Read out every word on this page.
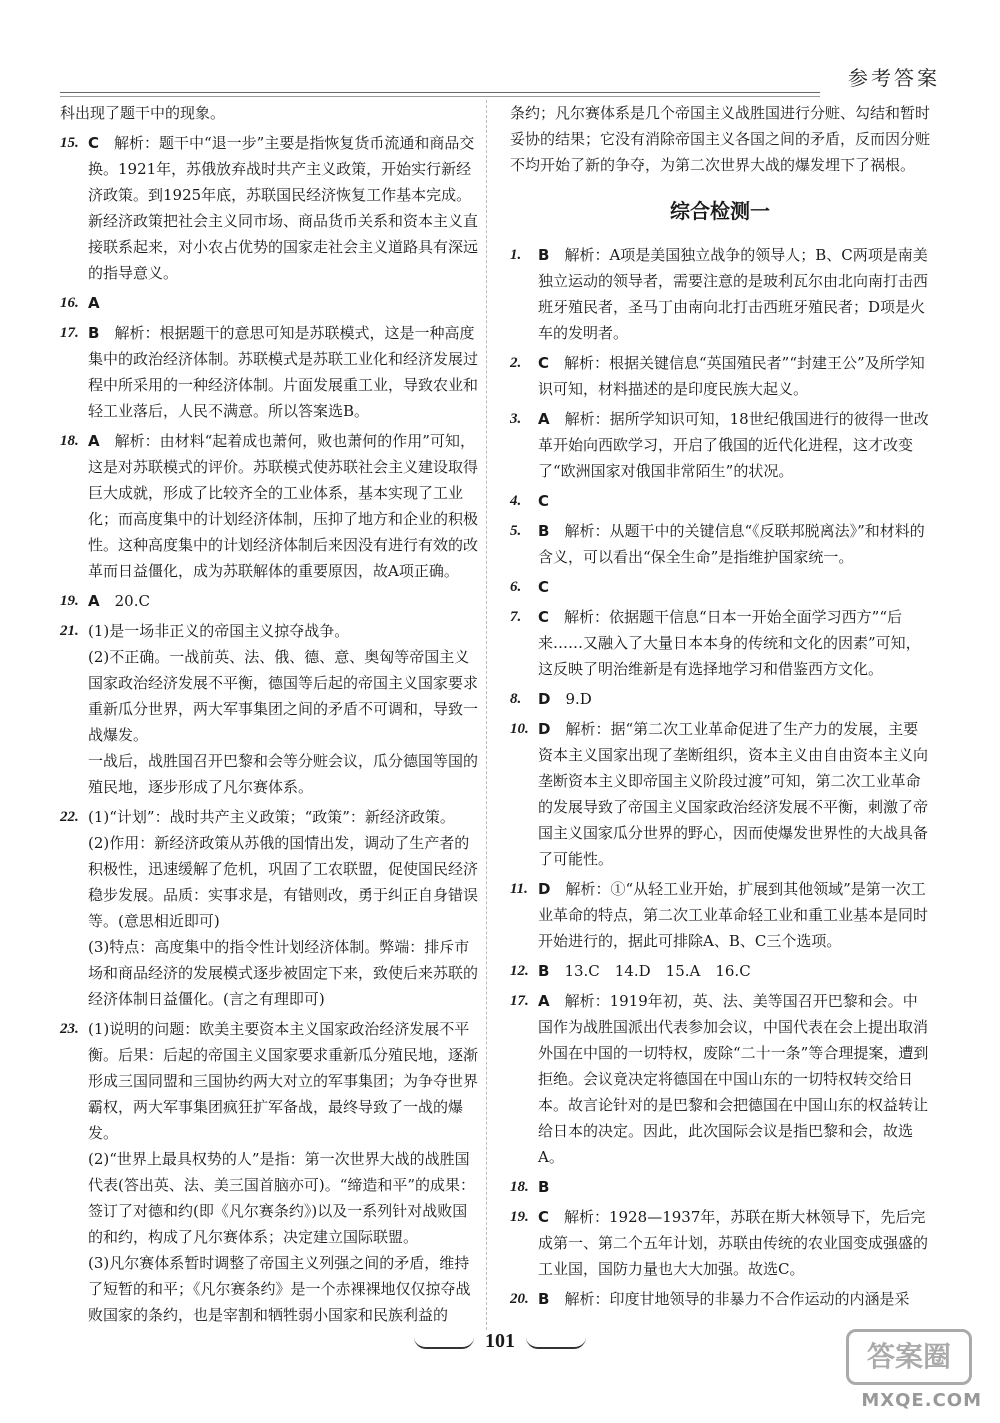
参考答案

科出现了题干中的现象。

15. C　解析：题干中“退一步”主要是指恢复货币流通和商品交换。1921年，苏俄放弃战时共产主义政策，开始实行新经济政策。到1925年底，苏联国民经济恢复工作基本完成。新经济政策把社会主义同市场、商品货币关系和资本主义直接联系起来，对小农占优势的国家走社会主义道路具有深远的指导意义。

16. A　

17. B　解析：根据题干的意思可知是苏联模式，这是一种高度集中的政治经济体制。苏联模式是苏联工业化和经济发展过程中所采用的一种经济体制。片面发展重工业，导致农业和轻工业落后，人民不满意。所以答案选B。

18. A　解析：由材料“起着成也萧何，败也萧何的作用”可知，这是对苏联模式的评价。苏联模式使苏联社会主义建设取得巨大成就，形成了比较齐全的工业体系，基本实现了工业化；而高度集中的计划经济体制，压抑了地方和企业的积极性。这种高度集中的计划经济体制后来因没有进行有效的改革而日益僵化，成为苏联解体的重要原因，故A项正确。

19. A　20.C

21. (1)是一场非正义的帝国主义掠夺战争。

(2)不正确。一战前英、法、俄、德、意、奥匈等帝国主义国家政治经济发展不平衡，德国等后起的帝国主义国家要求重新瓜分世界，两大军事集团之间的矛盾不可调和，导致一战爆发。

一战后，战胜国召开巴黎和会等分赃会议，瓜分德国等国的殖民地，逐步形成了凡尔赛体系。

22. (1)“计划”：战时共产主义政策；“政策”：新经济政策。

(2)作用：新经济政策从苏俄的国情出发，调动了生产者的积极性，迅速缓解了危机，巩固了工农联盟，促使国民经济稳步发展。品质：实事求是，有错则改，勇于纠正自身错误等。(意思相近即可)

(3)特点：高度集中的指令性计划经济体制。弊端：排斥市场和商品经济的发展模式逐步被固定下来，致使后来苏联的经济体制日益僵化。(言之有理即可)

23. (1)说明的问题：欧美主要资本主义国家政治经济发展不平衡。后果：后起的帝国主义国家要求重新瓜分殖民地，逐渐形成三国同盟和三国协约两大对立的军事集团；为争夺世界霸权，两大军事集团疯狂扩军备战，最终导致了一战的爆发。

(2)“世界上最具权势的人”是指：第一次世界大战的战胜国代表(答出英、法、美三国首脑亦可)。“缔造和平”的成果：签订了对德和约(即《凡尔赛条约》)以及一系列针对战败国的和约，构成了凡尔赛体系；决定建立国际联盟。

(3)凡尔赛体系暂时调整了帝国主义列强之间的矛盾，维持了短暂的和平；《凡尔赛条约》是一个赤裸裸地仅仅掠夺战败国家的条约，也是宰割和牺牲弱小国家和民族利益的

条约；凡尔赛体系是几个帝国主义战胜国进行分赃、勾结和暂时妥协的结果；它没有消除帝国主义各国之间的矛盾，反而因分赃不均开始了新的争夺，为第二次世界大战的爆发埋下了祸根。

综合检测一
1. B　解析：A项是美国独立战争的领导人；B、C两项是南美独立运动的领导者，需要注意的是玻利瓦尔由北向南打击西班牙殖民者，圣马丁由南向北打击西班牙殖民者；D项是火车的发明者。

2. C　解析：根据关键信息“英国殖民者”“封建王公”及所学知识可知，材料描述的是印度民族大起义。

3. A　解析：据所学知识可知，18世纪俄国进行的彼得一世改革开始向西欧学习，开启了俄国的近代化进程，这才改变了“欧洲国家对俄国非常陌生”的状况。

4. C　

5. B　解析：从题干中的关键信息“《反联邦脱离法》”和材料的含义，可以看出“保全生命”是指维护国家统一。

6. C　

7. C　解析：依据题干信息“日本一开始全面学习西方”“后来……又融入了大量日本本身的传统和文化的因素”可知，这反映了明治维新是有选择地学习和借鉴西方文化。

8. D　9.D

10. D　解析：据“第二次工业革命促进了生产力的发展，主要资本主义国家出现了垄断组织，资本主义由自由资本主义向垄断资本主义即帝国主义阶段过渡”可知，第二次工业革命的发展导致了帝国主义国家政治经济发展不平衡，刺激了帝国主义国家瓜分世界的野心，因而使爆发世界性的大战具备了可能性。

11. D　解析：①“从轻工业开始，扩展到其他领域”是第一次工业革命的特点，第二次工业革命轻工业和重工业基本是同时开始进行的，据此可排除A、B、C三个选项。

12. B　13.C　14.D　15.A　16.C

17. A　解析：1919年初，英、法、美等国召开巴黎和会。中国作为战胜国派出代表参加会议，中国代表在会上提出取消外国在中国的一切特权，废除“二十一条”等合理提案，遭到拒绝。会议竟决定将德国在中国山东的一切特权转交给日本。故言论针对的是巴黎和会把德国在中国山东的权益转让给日本的决定。因此，此次国际会议是指巴黎和会，故选A。

18. B　

19. C　解析：1928—1937年，苏联在斯大林领导下，先后完成第一、第二个五年计划，苏联由传统的农业国变成强盛的工业国，国防力量也大大加强。故选C。

20. B　解析：印度甘地领导的非暴力不合作运动的内涵是采

101	答案圈
MXQE.COM
